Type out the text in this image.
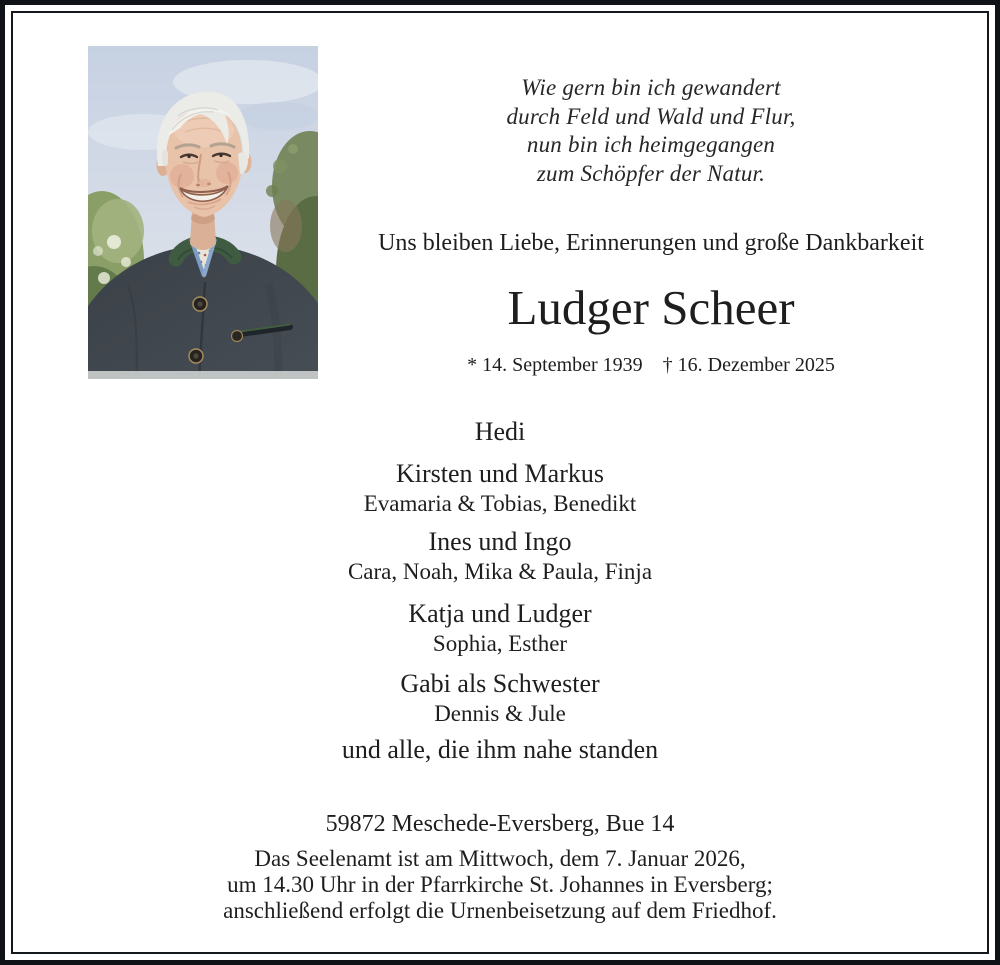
Wie gern bin ich gewandert
durch Feld und Wald und Flur,
nun bin ich heimgegangen
zum Schöpfer der Natur.
Uns bleiben Liebe, Erinnerungen und große Dankbarkeit
Ludger Scheer
* 14. September 1939 † 16. Dezember 2025
Hedi
Kirsten und Markus
Evamaria & Tobias, Benedikt
Ines und Ingo
Cara, Noah, Mika & Paula, Finja
Katja und Ludger
Sophia, Esther
Gabi als Schwester
Dennis & Jule
und alle, die ihm nahe standen
59872 Meschede-Eversberg, Bue 14
Das Seelenamt ist am Mittwoch, dem 7. Januar 2026,
um 14.30 Uhr in der Pfarrkirche St. Johannes in Eversberg;
anschließend erfolgt die Urnenbeisetzung auf dem Friedhof.
